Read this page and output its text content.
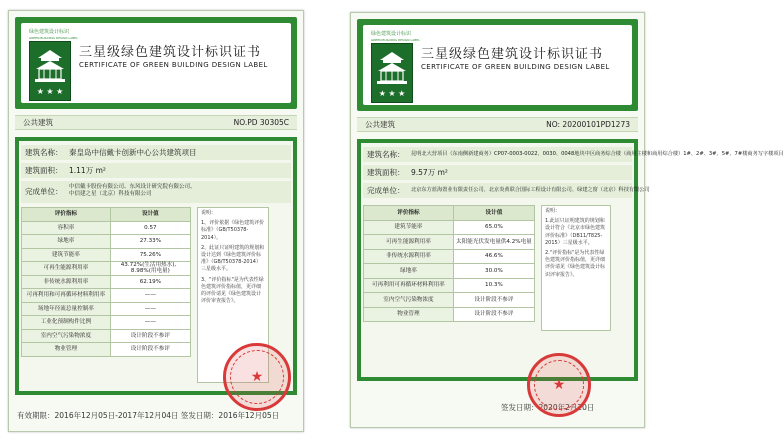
绿色建筑设计标识
GREEN BUILDING DESIGN LABEL
★ ★ ★
三星级绿色建筑设计标识证书
CERTIFICATE OF GREEN BUILDING DESIGN LABEL
公共建筑	NO.PD 30305C
建筑名称： 秦皇岛中信戴卡创新中心公共建筑项目
建筑面积： 1.11万 m²
完成单位： 中信戴卡股份有限公司、东风设计研究院有限公司、
中信建之星（北京）科技有限公司
评价指标	设计值
容积率	0.57
绿地率	27.33%
建筑节能率	75.26%
可再生能源利用率	43.72%(生活用热水)、8.98%(用电量)
非传统水源利用率	62.19%
可再利用和可再循环材料利用率	——
场地年径流总量控制率	——
工业化预制构件比例	——
室内空气污染物浓度	设计阶段不参评
物业管理	设计阶段不参评

说明：

1、评价依据《绿色建筑评价标准》（GB/T50378-2014）。

2、此证只证明建筑的规划和设计达到《绿色建筑评价标准》（GB/T50378-2014）三星级水平。

3、"评价指标"是为代表性绿色建筑评价指标值，更详细的评价请见《绿色建筑设计评价审查报告》。

有效期限：2016年12月05日-2017年12月04日 签发日期：2016年12月05日
★
绿色建筑设计标识
GREEN BUILDING DESIGN LABEL
★ ★ ★
三星级绿色建筑设计标识证书
CERTIFICATE OF GREEN BUILDING DESIGN LABEL
公共建筑	NO: 20200101PD1273
建筑名称： 昆明北大营项目（东南侧新建商务）CP07-0003-0022、0030、0048地块中区商务综合楼（商用主楼和商用综合楼）1#、2#、3#、5#、7#楼商务写字楼项目
建筑面积： 9.57万 m²
完成单位： 北京东方蓝海置业有限责任公司、北京炎黄联合国际工程设计有限公司、绿建之窗（北京）科技有限公司
评价指标	设计值
建筑节能率	65.0%
可再生能源利用率	太阳能光伏发电量供4.2%电量
非传统水源利用率	46.6%
绿地率	30.0%
可再利用可再循环材料利用率	10.3%
室内空气污染物浓度	设计阶段不参评
物业管理	设计阶段不参评

说明：

1.此证只证明建筑的规划和设计符合《北京市绿色建筑评价标准》（DB11/T825-2015）三星级水平。

2."评价指标"是为代表性绿色建筑评价指标值，更详细评价请见《绿色建筑设计标识评审报告》。

签发日期：2020年2月20日
★
